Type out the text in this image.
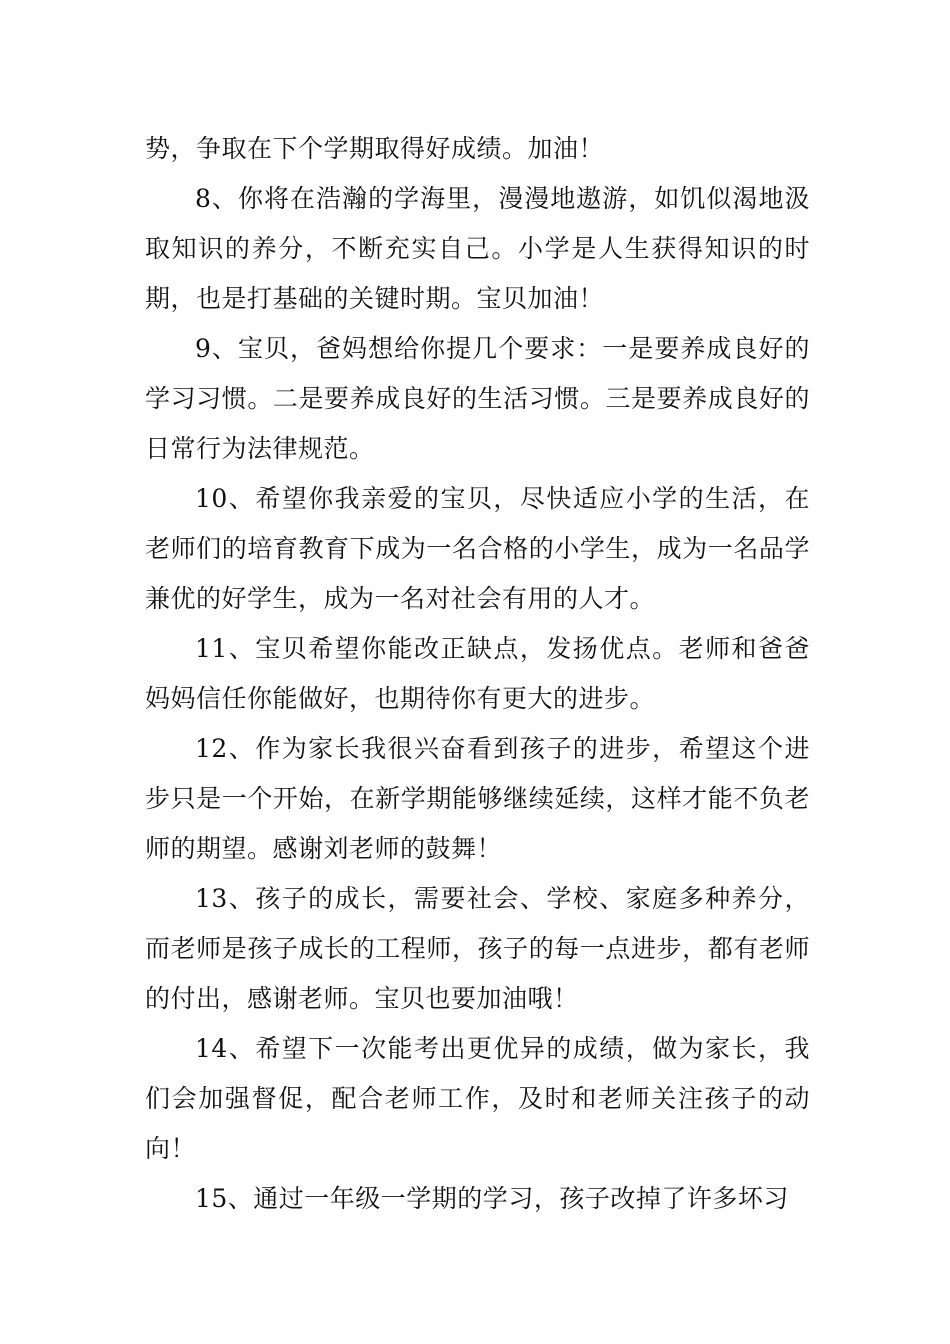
势，争取在下个学期取得好成绩。加油！

8、你将在浩瀚的学海里，漫漫地遨游，如饥似渴地汲取知识的养分，不断充实自己。小学是人生获得知识的时期，也是打基础的关键时期。宝贝加油！

9、宝贝，爸妈想给你提几个要求：一是要养成良好的学习习惯。二是要养成良好的生活习惯。三是要养成良好的日常行为法律规范。

10、希望你我亲爱的宝贝，尽快适应小学的生活，在老师们的培育教育下成为一名合格的小学生，成为一名品学兼优的好学生，成为一名对社会有用的人才。

11、宝贝希望你能改正缺点，发扬优点。老师和爸爸妈妈信任你能做好，也期待你有更大的进步。

12、作为家长我很兴奋看到孩子的进步，希望这个进步只是一个开始，在新学期能够继续延续，这样才能不负老师的期望。感谢刘老师的鼓舞！

13、孩子的成长，需要社会、学校、家庭多种养分，而老师是孩子成长的工程师，孩子的每一点进步，都有老师的付出，感谢老师。宝贝也要加油哦！

14、希望下一次能考出更优异的成绩，做为家长，我们会加强督促，配合老师工作，及时和老师关注孩子的动向！

15、通过一年级一学期的学习，孩子改掉了许多坏习
